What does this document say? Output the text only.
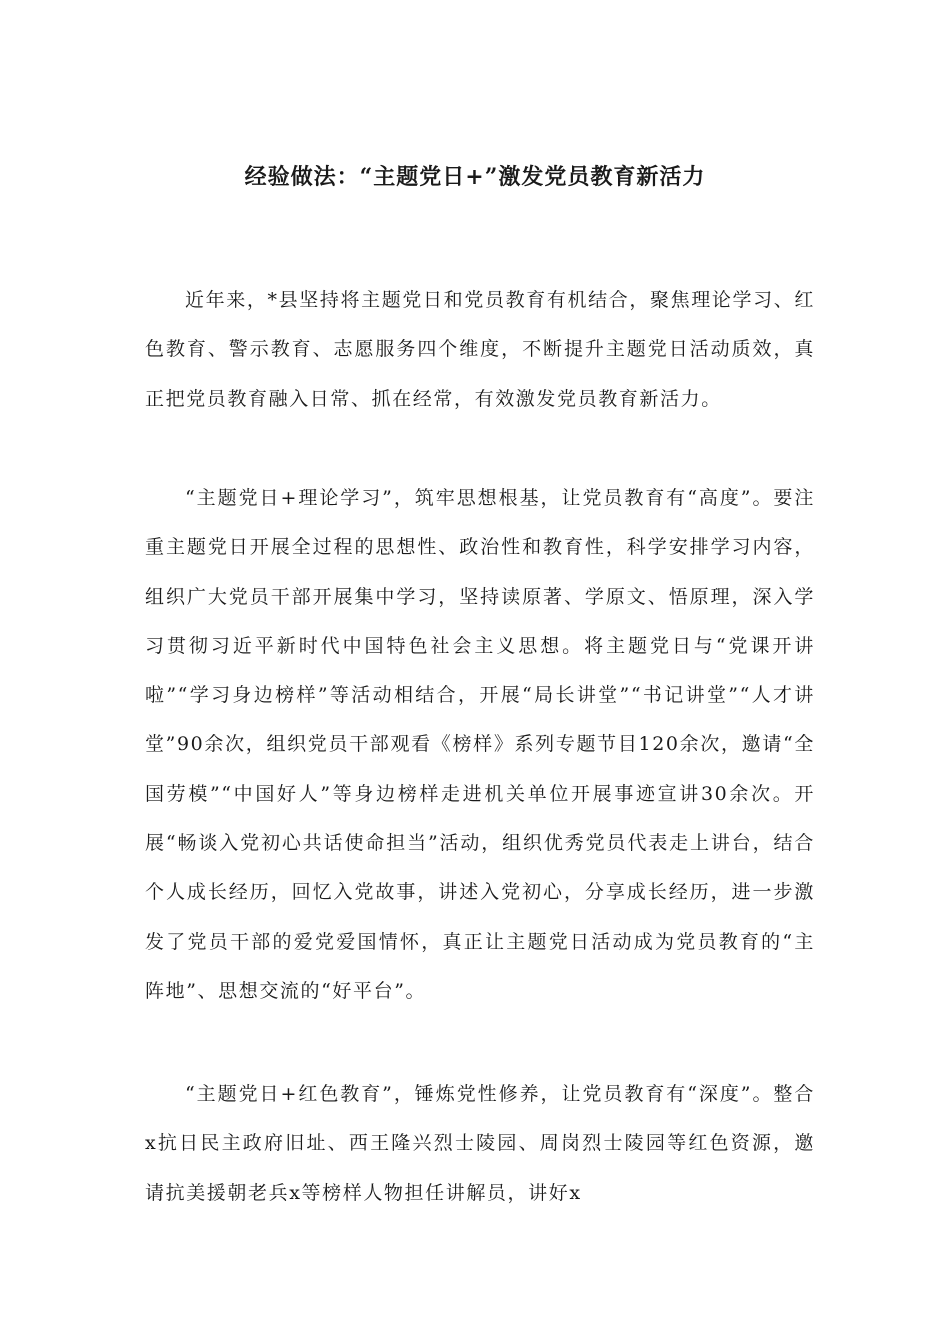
经验做法：“主题党日+”激发党员教育新活力

近年来，*县坚持将主题党日和党员教育有机结合，聚焦理论学习、红色教育、警示教育、志愿服务四个维度，不断提升主题党日活动质效，真正把党员教育融入日常、抓在经常，有效激发党员教育新活力。

“主题党日+理论学习”，筑牢思想根基，让党员教育有“高度”。要注重主题党日开展全过程的思想性、政治性和教育性，科学安排学习内容，组织广大党员干部开展集中学习，坚持读原著、学原文、悟原理，深入学习贯彻习近平新时代中国特色社会主义思想。将主题党日与“党课开讲啦”“学习身边榜样”等活动相结合，开展“局长讲堂”“书记讲堂”“人才讲堂”90余次，组织党员干部观看《榜样》系列专题节目120余次，邀请“全国劳模”“中国好人”等身边榜样走进机关单位开展事迹宣讲30余次。开展“畅谈入党初心共话使命担当”活动，组织优秀党员代表走上讲台，结合个人成长经历，回忆入党故事，讲述入党初心，分享成长经历，进一步激发了党员干部的爱党爱国情怀，真正让主题党日活动成为党员教育的“主阵地”、思想交流的“好平台”。

“主题党日+红色教育”，锤炼党性修养，让党员教育有“深度”。整合x抗日民主政府旧址、西王隆兴烈士陵园、周岗烈士陵园等红色资源，邀请抗美援朝老兵x等榜样人物担任讲解员，讲好x
